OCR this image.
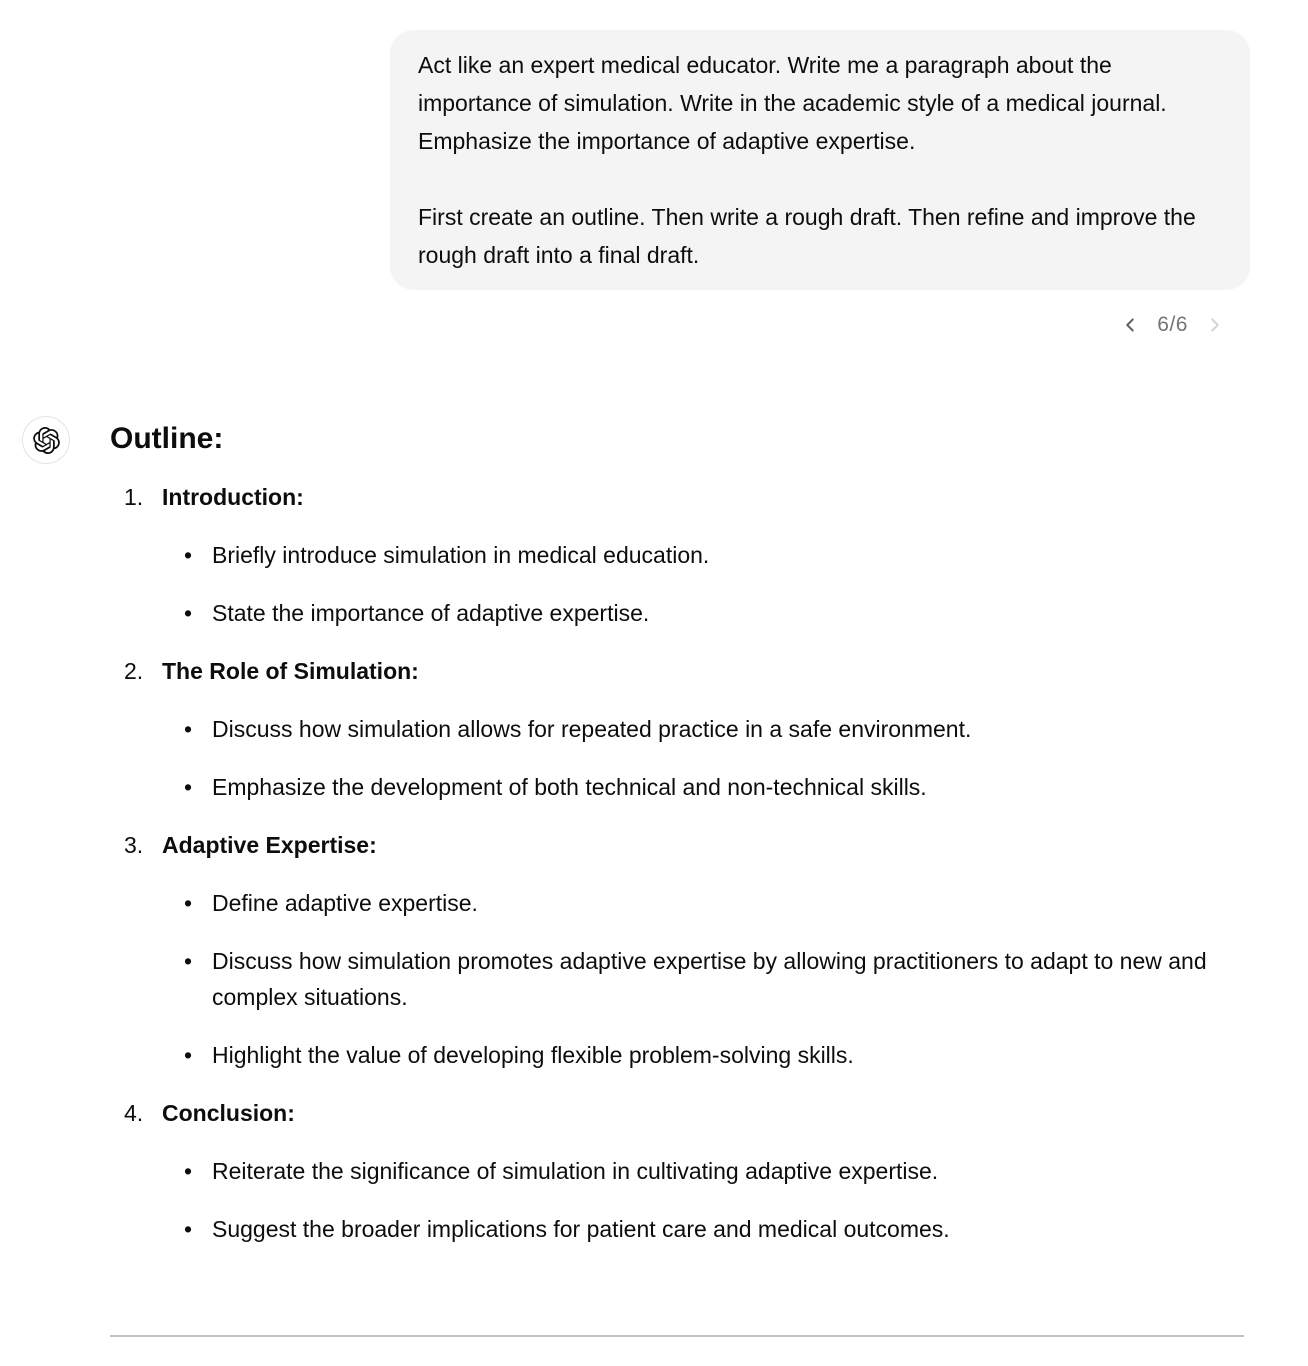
Act like an expert medical educator. Write me a paragraph about the importance of simulation. Write in the academic style of a medical journal. Emphasize the importance of adaptive expertise.

First create an outline. Then write a rough draft. Then refine and improve the rough draft into a final draft.

6/6
Outline:
1. Introduction:
• Briefly introduce simulation in medical education.
• State the importance of adaptive expertise.
2. The Role of Simulation:
• Discuss how simulation allows for repeated practice in a safe environment.
• Emphasize the development of both technical and non-technical skills.
3. Adaptive Expertise:
• Define adaptive expertise.
• Discuss how simulation promotes adaptive expertise by allowing practitioners to adapt to new and complex situations.
• Highlight the value of developing flexible problem-solving skills.
4. Conclusion:
• Reiterate the significance of simulation in cultivating adaptive expertise.
• Suggest the broader implications for patient care and medical outcomes.
